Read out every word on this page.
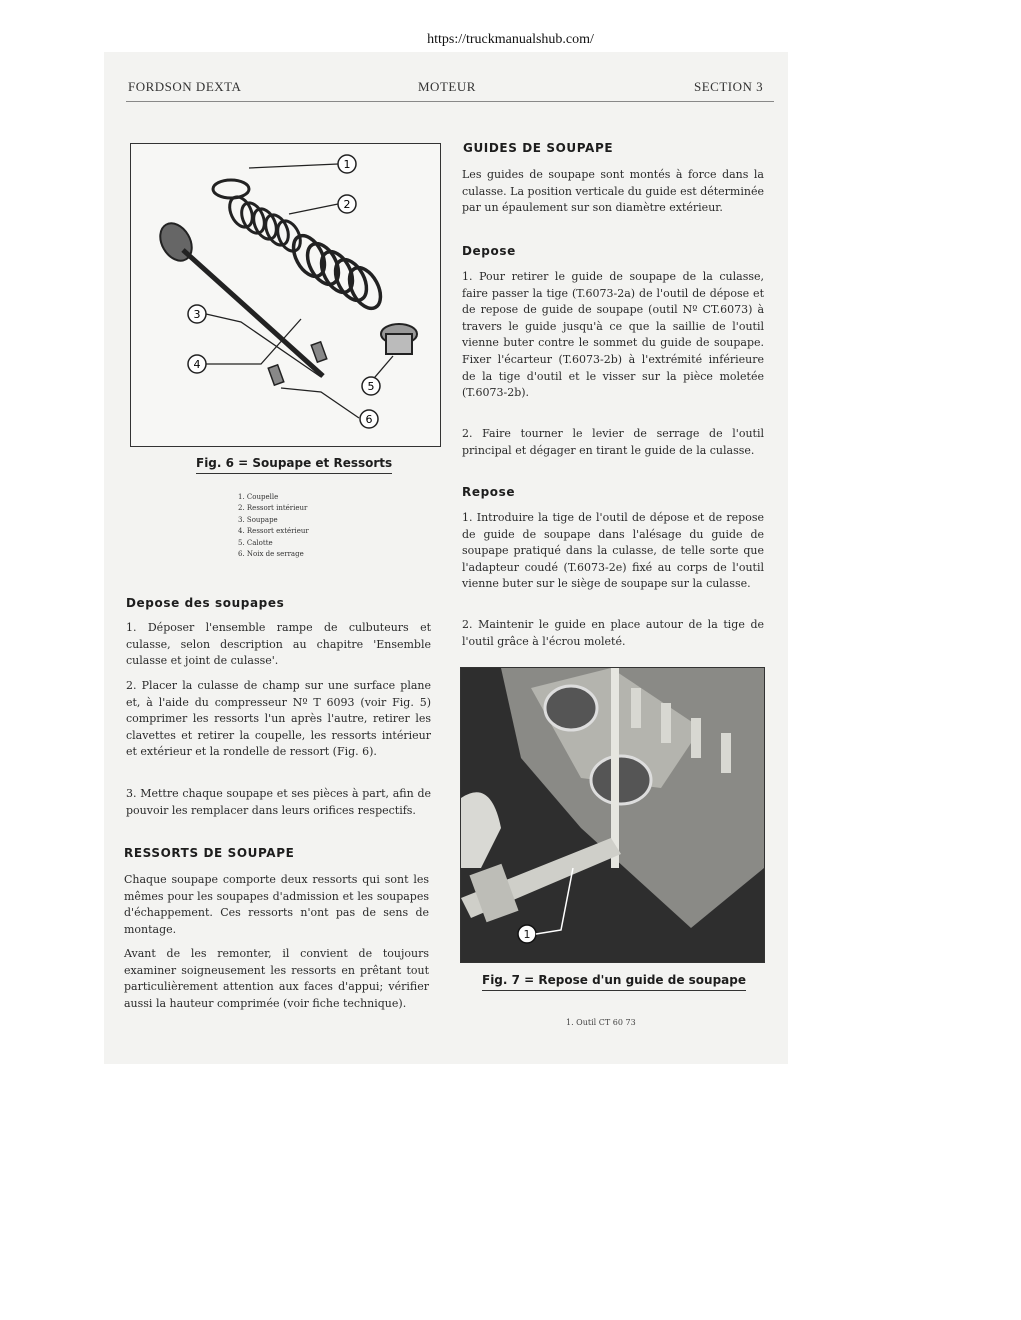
https://truckmanualshub.com/
FORDSON DEXTA	MOTEUR	SECTION 3
1
2
3
4
5
6
Fig. 6 = Soupape et Ressorts
1. Coupelle
2. Ressort intérieur
3. Soupape
4. Ressort extérieur
5. Calotte
6. Noix de serrage
Depose des soupapes

1. Déposer l'ensemble rampe de culbuteurs et culasse, selon description au chapitre 'Ensemble culasse et joint de culasse'.

2. Placer la culasse de champ sur une surface plane et, à l'aide du compresseur Nº T 6093 (voir Fig. 5) comprimer les ressorts l'un après l'autre, retirer les clavettes et retirer la coupelle, les ressorts intérieur et extérieur et la rondelle de ressort (Fig. 6).

3. Mettre chaque soupape et ses pièces à part, afin de pouvoir les remplacer dans leurs orifices respectifs.

RESSORTS DE SOUPAPE

Chaque soupape comporte deux ressorts qui sont les mêmes pour les soupapes d'admission et les soupapes d'échappement. Ces ressorts n'ont pas de sens de montage.

Avant de les remonter, il convient de toujours examiner soigneusement les ressorts en prêtant tout particulièrement attention aux faces d'appui; vérifier aussi la hauteur comprimée (voir fiche technique).

GUIDES DE SOUPAPE

Les guides de soupape sont montés à force dans la culasse. La position verticale du guide est déterminée par un épaulement sur son diamètre extérieur.

Depose

1. Pour retirer le guide de soupape de la culasse, faire passer la tige (T.6073-2a) de l'outil de dépose et de repose de guide de soupape (outil Nº CT.6073) à travers le guide jusqu'à ce que la saillie de l'outil vienne buter contre le sommet du guide de soupape. Fixer l'écarteur (T.6073-2b) à l'extrémité inférieure de la tige d'outil et le visser sur la pièce moletée (T.6073-2b).

2. Faire tourner le levier de serrage de l'outil principal et dégager en tirant le guide de la culasse.

Repose

1. Introduire la tige de l'outil de dépose et de repose de guide de soupape dans l'alésage du guide de soupape pratiqué dans la culasse, de telle sorte que l'adapteur coudé (T.6073-2e) fixé au corps de l'outil vienne buter sur le siège de soupape sur la culasse.

2. Maintenir le guide en place autour de la tige de l'outil grâce à l'écrou moleté.

1
Fig. 7 = Repose d'un guide de soupape
1. Outil CT 60 73
